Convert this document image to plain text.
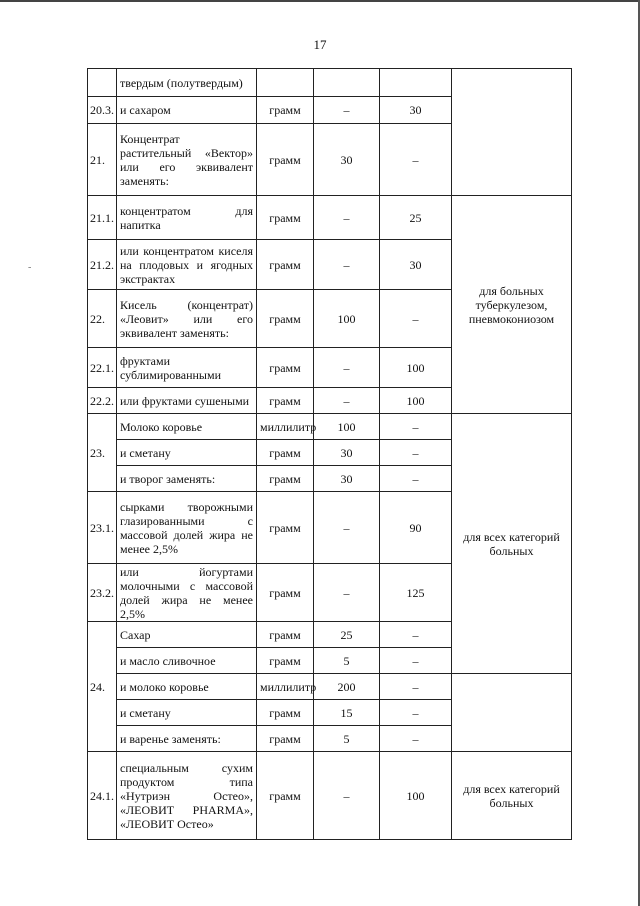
-
17
	твердым (полутвердым)					
20.3.	и сахаром	грамм	–	30		
21.	Концентрат растительный «Вектор» или его эквивалент заменять:	грамм	30	–		
21.1.	концентратом для напитка	грамм	–	25	для больных туберкулезом, пневмокониозом	
21.2.	или концентратом киселя на плодовых и ягодных экстрактах	грамм	–	30		
22.	Кисель (концентрат) «Леовит» или его эквивалент заменять:	грамм	100	–		
22.1.	фруктами сублимированными	грамм	–	100		
22.2.	или фруктами сушеными	грамм	–	100		
23.	Молоко коровье	миллилитр	100	–	для всех категорий больных	
	и сметану	грамм	30	–		
	и творог заменять:	грамм	30	–		
23.1.	сырками творожными глазированными с массовой долей жира не менее 2,5%	грамм	–	90		
23.2.	или йогуртами молочными с массовой долей жира не менее 2,5%	грамм	–	125		
24.	Сахар	грамм	25	–		
	и масло сливочное	грамм	5	–		
	и молоко коровье	миллилитр	200	–		
	и сметану	грамм	15	–		
	и варенье заменять:	грамм	5	–		
24.1.	специальным сухим продуктом типа «Нутриэн Остео», «ЛЕОВИТ PHARMA», «ЛЕОВИТ Остео»	грамм	–	100	для всех категорий больных	
